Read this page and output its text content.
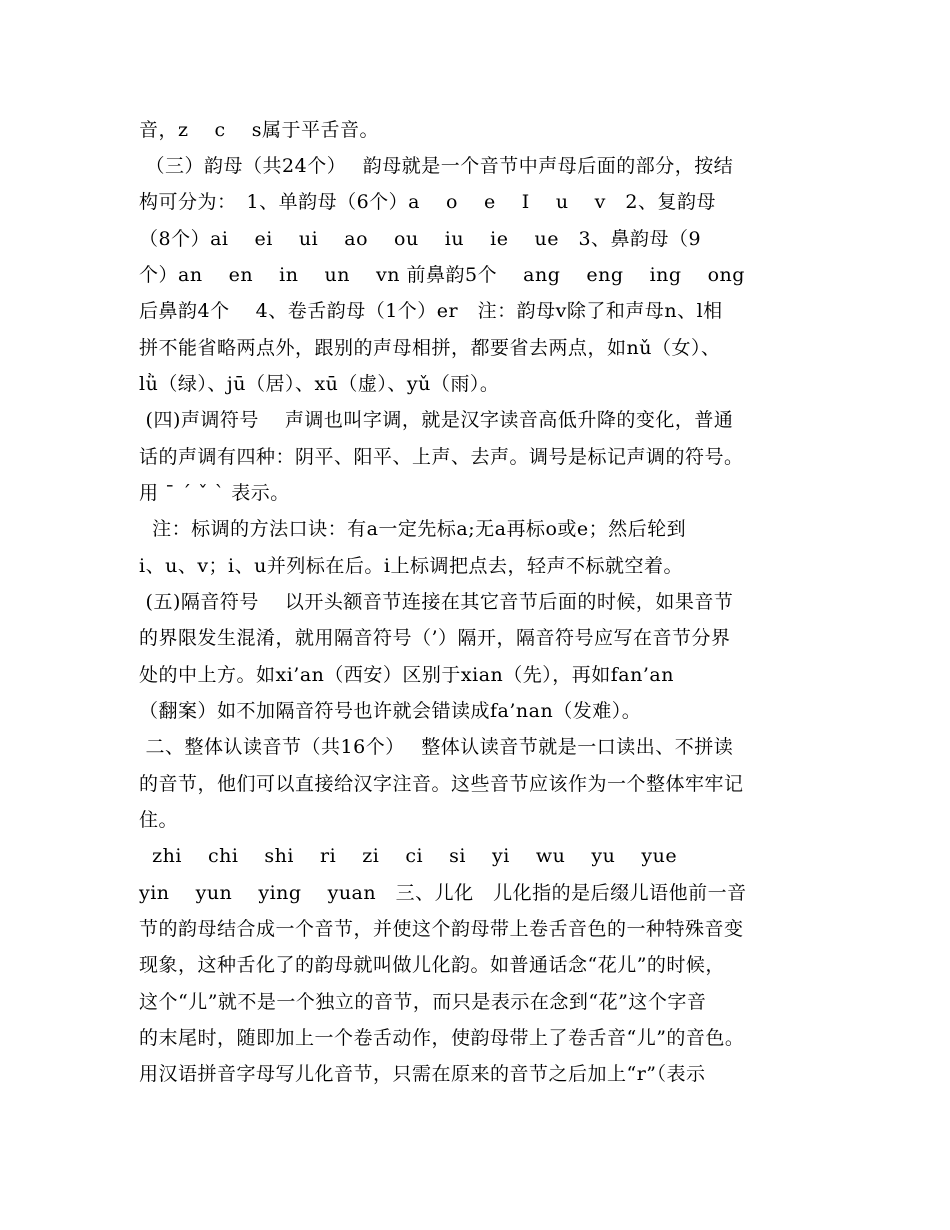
音，z　 c　 s属于平舌音。
（三）韵母（共24个）　 韵母就是一个音节中声母后面的部分，按结
构可分为：　1、单韵母（6个）a　 o　 e　 I　 u　 v　2、复韵母
（8个）ai　 ei　 ui　 ao　 ou　 iu　 ie　 ue　3、鼻韵母（9
个）an　 en　 in　 un　 vn 前鼻韵5个　 ang　 eng　 ing　 ong
后鼻韵4个　 4、卷舌韵母（1个）er　注：韵母v除了和声母n、l相
拼不能省略两点外，跟别的声母相拼，都要省去两点，如nǔ（女）、
lǜ（绿）、jū（居）、xū（虚）、yǔ（雨）。
(四)声调符号　 声调也叫字调，就是汉字读音高低升降的变化，普通
话的声调有四种：阴平、阳平、上声、去声。调号是标记声调的符号。
用 ˉ ˊ ˇ ˋ 表示。
注：标调的方法口诀：有a一定先标a;无a再标o或e；然后轮到
i、u、v；i、u并列标在后。i上标调把点去，轻声不标就空着。
(五)隔音符号　 以开头额音节连接在其它音节后面的时候，如果音节
的界限发生混淆，就用隔音符号（’）隔开，隔音符号应写在音节分界
处的中上方。如xi’an（西安）区别于xian（先），再如fan’an
（翻案）如不加隔音符号也许就会错读成fa’nan（发难）。
二、整体认读音节（共16个）　 整体认读音节就是一口读出、不拼读
的音节，他们可以直接给汉字注音。这些音节应该作为一个整体牢牢记
住。
zhi　 chi　 shi　 ri　 zi　 ci　 si　 yi　 wu　 yu　 yue
yin　 yun　 ying　 yuan　三、儿化　儿化指的是后缀儿语他前一音
节的韵母结合成一个音节，并使这个韵母带上卷舌音色的一种特殊音变
现象，这种舌化了的韵母就叫做儿化韵。如普通话念“花儿”的时候，
这个“儿”就不是一个独立的音节，而只是表示在念到“花”这个字音
的末尾时，随即加上一个卷舌动作，使韵母带上了卷舌音“儿”的音色。
用汉语拼音字母写儿化音节，只需在原来的音节之后加上“r”（表示
